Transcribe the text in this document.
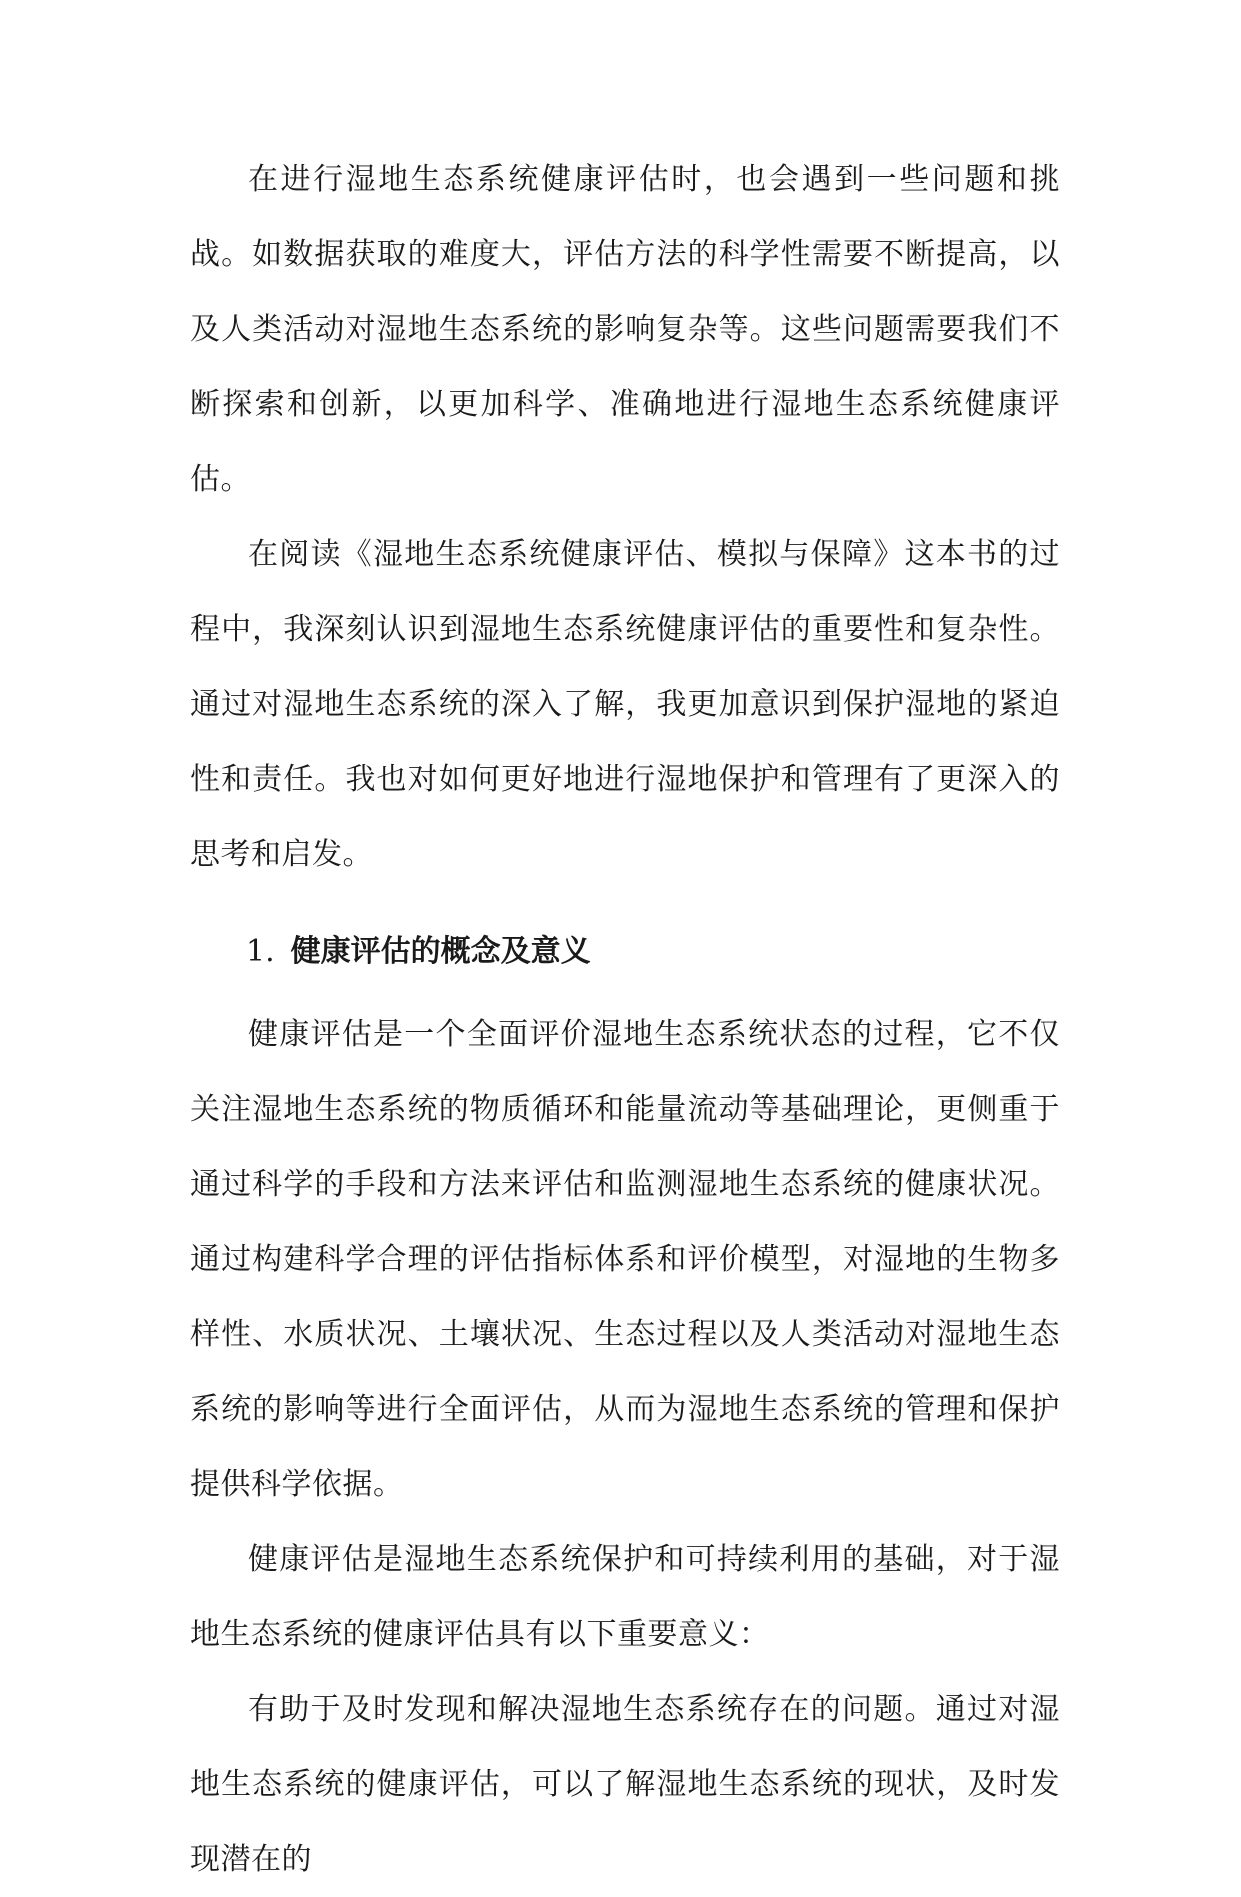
在进行湿地生态系统健康评估时，也会遇到一些问题和挑战。如数据获取的难度大，评估方法的科学性需要不断提高，以及人类活动对湿地生态系统的影响复杂等。这些问题需要我们不断探索和创新，以更加科学、准确地进行湿地生态系统健康评估。

在阅读《湿地生态系统健康评估、模拟与保障》这本书的过程中，我深刻认识到湿地生态系统健康评估的重要性和复杂性。通过对湿地生态系统的深入了解，我更加意识到保护湿地的紧迫性和责任。我也对如何更好地进行湿地保护和管理有了更深入的思考和启发。

1. 健康评估的概念及意义

健康评估是一个全面评价湿地生态系统状态的过程，它不仅关注湿地生态系统的物质循环和能量流动等基础理论，更侧重于通过科学的手段和方法来评估和监测湿地生态系统的健康状况。通过构建科学合理的评估指标体系和评价模型，对湿地的生物多样性、水质状况、土壤状况、生态过程以及人类活动对湿地生态系统的影响等进行全面评估，从而为湿地生态系统的管理和保护提供科学依据。

健康评估是湿地生态系统保护和可持续利用的基础，对于湿地生态系统的健康评估具有以下重要意义：

有助于及时发现和解决湿地生态系统存在的问题。通过对湿地生态系统的健康评估，可以了解湿地生态系统的现状，及时发现潜在的
